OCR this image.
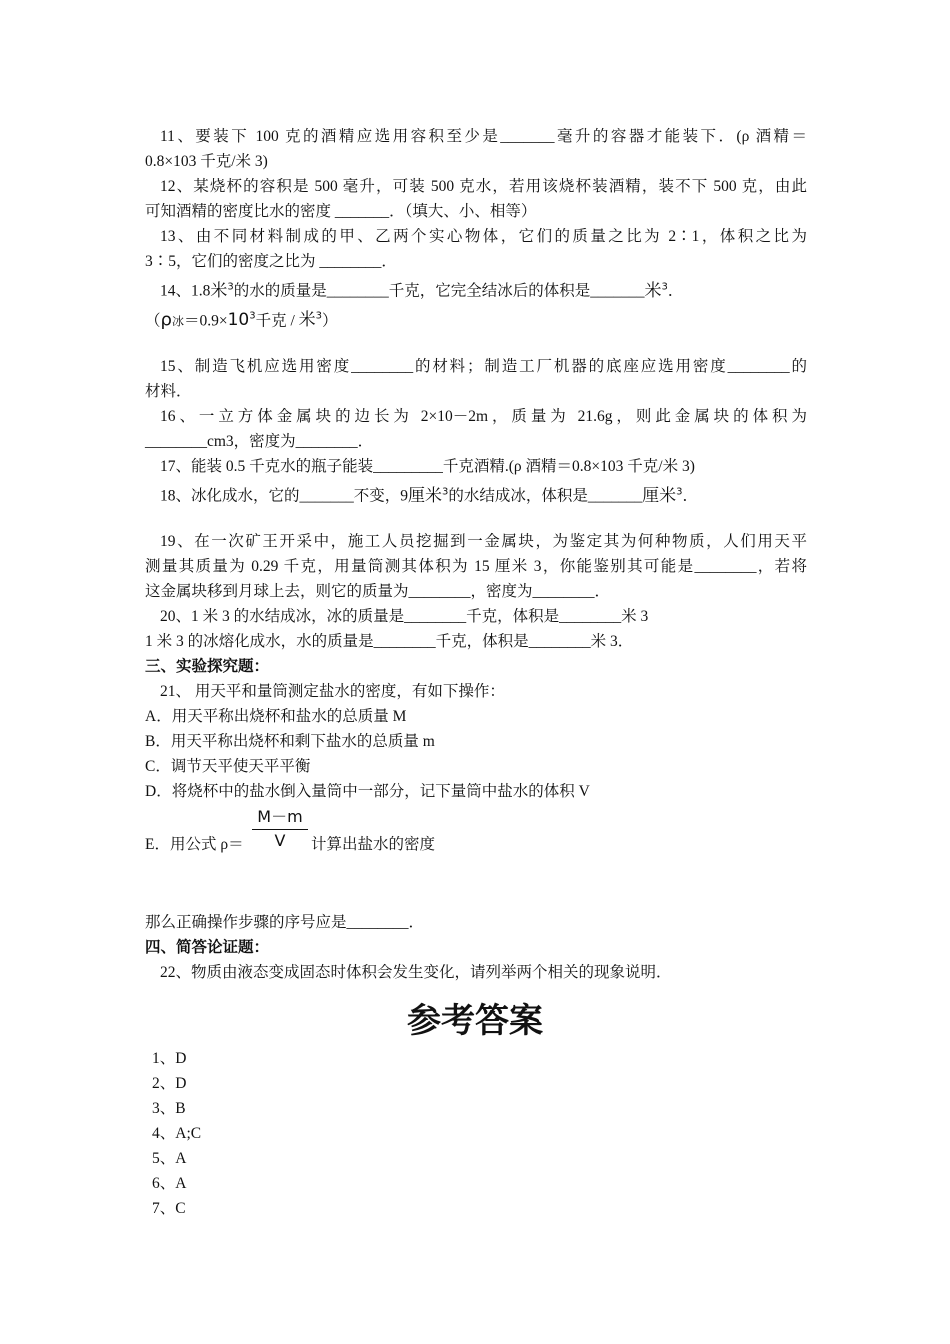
11、要装下 100 克的酒精应选用容积至少是_______毫升的容器才能装下．(ρ 酒精＝

0.8×103 千克/米 3)

12、某烧杯的容积是 500 毫升，可装 500 克水，若用该烧杯装酒精，装不下 500 克，由此

可知酒精的密度比水的密度 _______．（填大、小、相等）

13、由不同材料制成的甲、乙两个实心物体，它们的质量之比为 2∶1，体积之比为

3∶5，它们的密度之比为 ________．

14、1.8米$^3$的水的质量是________千克，它完全结冰后的体积是_______米$^3$．

（ρ冰$=0.9\times 10^3$千克 / 米$^3$）

15、制造飞机应选用密度________的材料；制造工厂机器的底座应选用密度________的

材料．

16、一立方体金属块的边长为 2×10－2m，质量为 21.6g，则此金属块的体积为

________cm3，密度为________．

17、能装 0.5 千克水的瓶子能装_________千克酒精.(ρ 酒精＝0.8×103 千克/米 3)

18、冰化成水，它的_______不变，9厘米$^3$的水结成冰，体积是_______厘米$^3$．

19、在一次矿王开采中，施工人员挖掘到一金属块，为鉴定其为何种物质，人们用天平

测量其质量为 0.29 千克，用量筒测其体积为 15 厘米 3，你能鉴别其可能是________，若将

这金属块移到月球上去，则它的质量为________，密度为________．

20、1 米 3 的水结成冰，冰的质量是________千克，体积是________米 3

1 米 3 的冰熔化成水，水的质量是________千克，体积是________米 3．

三、实验探究题：

21、 用天平和量筒测定盐水的密度，有如下操作：

A．用天平称出烧杯和盐水的总质量 M

B．用天平称出烧杯和剩下盐水的总质量 m

C．调节天平使天平平衡

D．将烧杯中的盐水倒入量筒中一部分，记下量筒中盐水的体积 V

E．用公式 $\rho= \frac{M-m}{V}$ 计算出盐水的密度

那么正确操作步骤的序号应是________．

四、简答论证题：

22、物质由液态变成固态时体积会发生变化，请列举两个相关的现象说明．

参考答案
1、D
2、D
3、B
4、A;C
5、A
6、A
7、C
